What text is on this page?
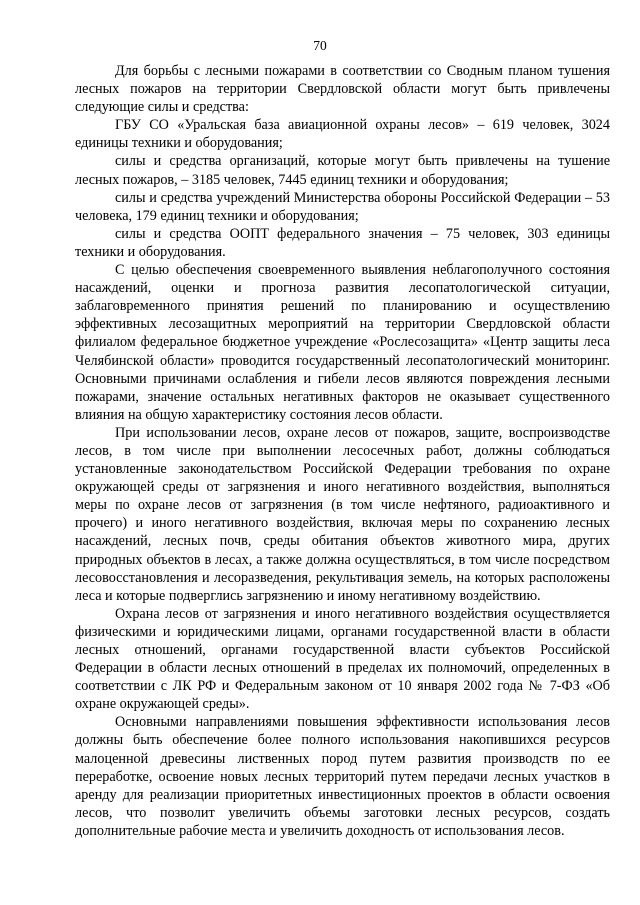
70

Для борьбы с лесными пожарами в соответствии со Сводным планом тушения лесных пожаров на территории Свердловской области могут быть привлечены следующие силы и средства:

ГБУ СО «Уральская база авиационной охраны лесов» – 619 человек, 3024 единицы техники и оборудования;

силы и средства организаций, которые могут быть привлечены на тушение лесных пожаров, – 3185 человек, 7445 единиц техники и оборудования;

силы и средства учреждений Министерства обороны Российской Федерации – 53 человека, 179 единиц техники и оборудования;

силы и средства ООПТ федерального значения – 75 человек, 303 единицы техники и оборудования.

С целью обеспечения своевременного выявления неблагополучного состояния насаждений, оценки и прогноза развития лесопатологической ситуации, заблаговременного принятия решений по планированию и осуществлению эффективных лесозащитных мероприятий на территории Свердловской области филиалом федеральное бюджетное учреждение «Рослесозащита» «Центр защиты леса Челябинской области» проводится государственный лесопатологический мониторинг. Основными причинами ослабления и гибели лесов являются повреждения лесными пожарами, значение остальных негативных факторов не оказывает существенного влияния на общую характеристику состояния лесов области.

При использовании лесов, охране лесов от пожаров, защите, воспроизводстве лесов, в том числе при выполнении лесосечных работ, должны соблюдаться установленные законодательством Российской Федерации требования по охране окружающей среды от загрязнения и иного негативного воздействия, выполняться меры по охране лесов от загрязнения (в том числе нефтяного, радиоактивного и прочего) и иного негативного воздействия, включая меры по сохранению лесных насаждений, лесных почв, среды обитания объектов животного мира, других природных объектов в лесах, а также должна осуществляться, в том числе посредством лесовосстановления и лесоразведения, рекультивация земель, на которых расположены леса и которые подверглись загрязнению и иному негативному воздействию.

Охрана лесов от загрязнения и иного негативного воздействия осуществляется физическими и юридическими лицами, органами государственной власти в области лесных отношений, органами государственной власти субъектов Российской Федерации в области лесных отношений в пределах их полномочий, определенных в соответствии с ЛК РФ и Федеральным законом от 10 января 2002 года № 7-ФЗ «Об охране окружающей среды».

Основными направлениями повышения эффективности использования лесов должны быть обеспечение более полного использования накопившихся ресурсов малоценной древесины лиственных пород путем развития производств по ее переработке, освоение новых лесных территорий путем передачи лесных участков в аренду для реализации приоритетных инвестиционных проектов в области освоения лесов, что позволит увеличить объемы заготовки лесных ресурсов, создать дополнительные рабочие места и увеличить доходность от использования лесов.
